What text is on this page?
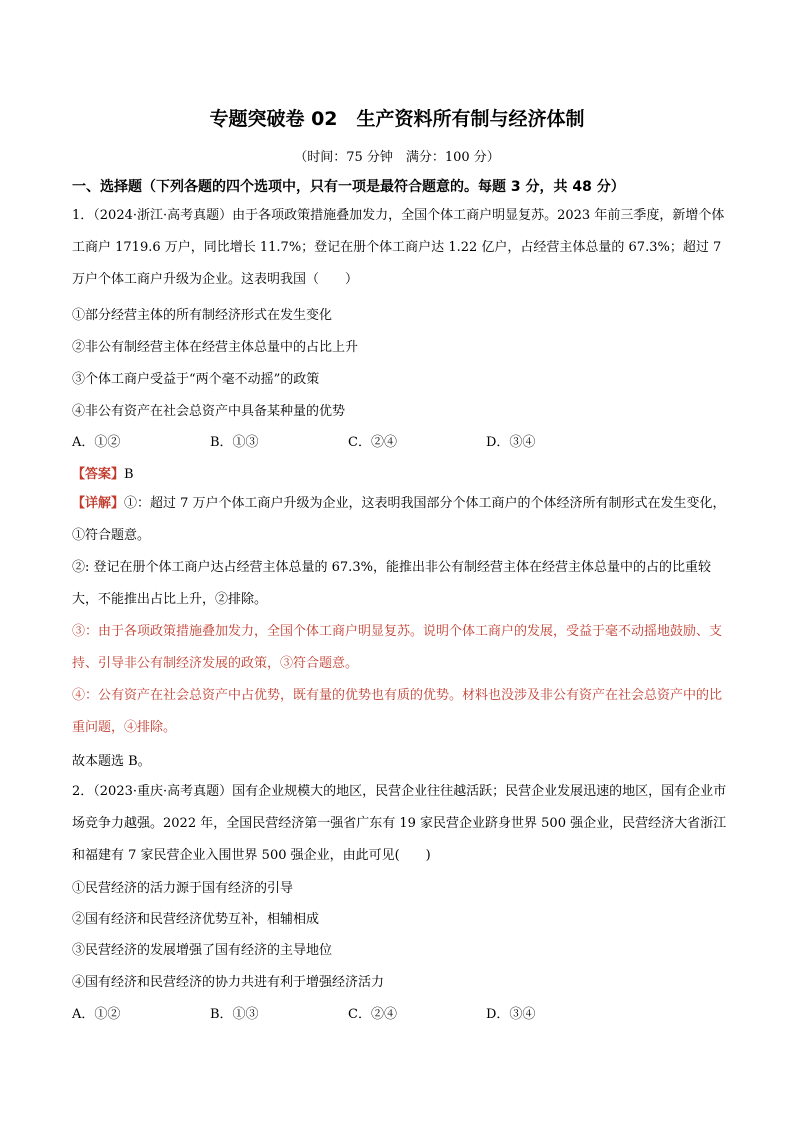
专题突破卷 02　生产资料所有制与经济体制
（时间：75 分钟　满分：100 分）
一、选择题（下列各题的四个选项中，只有一项是最符合题意的。每题 3 分，共 48 分）
1．（2024·浙江·高考真题）由于各项政策措施叠加发力，全国个体工商户明显复苏。2023 年前三季度，新增个体工商户 1719.6 万户，同比增长 11.7%；登记在册个体工商户达 1.22 亿户，占经营主体总量的 67.3%；超过 7 万户个体工商户升级为企业。这表明我国（　　）
①部分经营主体的所有制经济形式在发生变化
②非公有制经营主体在经营主体总量中的占比上升
③个体工商户受益于“两个毫不动摇”的政策
④非公有资产在社会总资产中具备某种量的优势
A．①②	B．①③	C．②④	D．③④
【答案】B
【详解】①：超过 7 万户个体工商户升级为企业，这表明我国部分个体工商户的个体经济所有制形式在发生变化，①符合题意。
②: 登记在册个体工商户达占经营主体总量的 67.3%，能推出非公有制经营主体在经营主体总量中的占的比重较大，不能推出占比上升，②排除。
③：由于各项政策措施叠加发力，全国个体工商户明显复苏。说明个体工商户的发展，受益于毫不动摇地鼓励、支持、引导非公有制经济发展的政策，③符合题意。
④：公有资产在社会总资产中占优势，既有量的优势也有质的优势。材料也没涉及非公有资产在社会总资产中的比重问题，④排除。
故本题选 B。
2．（2023·重庆·高考真题）国有企业规模大的地区，民营企业往往越活跃；民营企业发展迅速的地区，国有企业市场竞争力越强。2022 年，全国民营经济第一强省广东有 19 家民营企业跻身世界 500 强企业，民营经济大省浙江和福建有 7 家民营企业入围世界 500 强企业，由此可见(　　)
①民营经济的活力源于国有经济的引导
②国有经济和民营经济优势互补，相辅相成
③民营经济的发展增强了国有经济的主导地位
④国有经济和民营经济的协力共进有利于增强经济活力
A．①②	B．①③	C．②④	D．③④
